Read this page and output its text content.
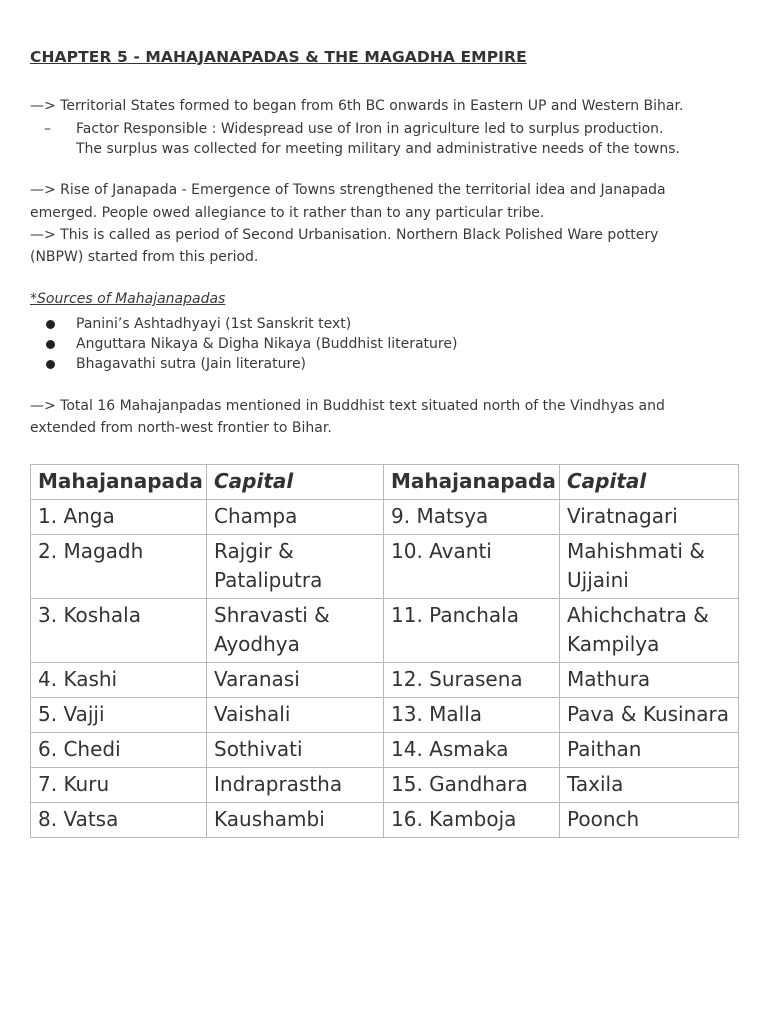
CHAPTER 5 - MAHAJANAPADAS & THE MAGADHA EMPIRE

—> Territorial States formed to began from 6th BC onwards in Eastern UP and Western Bihar.

–	Factor Responsible : Widespread use of Iron in agriculture led to surplus production.
The surplus was collected for meeting military and administrative needs of the towns.

—> Rise of Janapada - Emergence of Towns strengthened the territorial idea and Janapada

emerged. People owed allegiance to it rather than to any particular tribe.

—> This is called as period of Second Urbanisation. Northern Black Polished Ware pottery

(NBPW) started from this period.

*Sources of Mahajanapadas

Panini’s Ashtadhyayi (1st Sanskrit text)
Anguttara Nikaya & Digha Nikaya (Buddhist literature)
Bhagavathi sutra (Jain literature)

—> Total 16 Mahajanpadas mentioned in Buddhist text situated north of the Vindhyas and

extended from north-west frontier to Bihar.

Mahajanapada	Capital	Mahajanapada	Capital
1. Anga	Champa	9. Matsya	Viratnagari
2. Magadh	Rajgir & Pataliputra	10. Avanti	Mahishmati & Ujjaini
3. Koshala	Shravasti & Ayodhya	11. Panchala	Ahichchatra & Kampilya
4. Kashi	Varanasi	12. Surasena	Mathura
5. Vajji	Vaishali	13. Malla	Pava & Kusinara
6. Chedi	Sothivati	14. Asmaka	Paithan
7. Kuru	Indraprastha	15. Gandhara	Taxila
8. Vatsa	Kaushambi	16. Kamboja	Poonch
